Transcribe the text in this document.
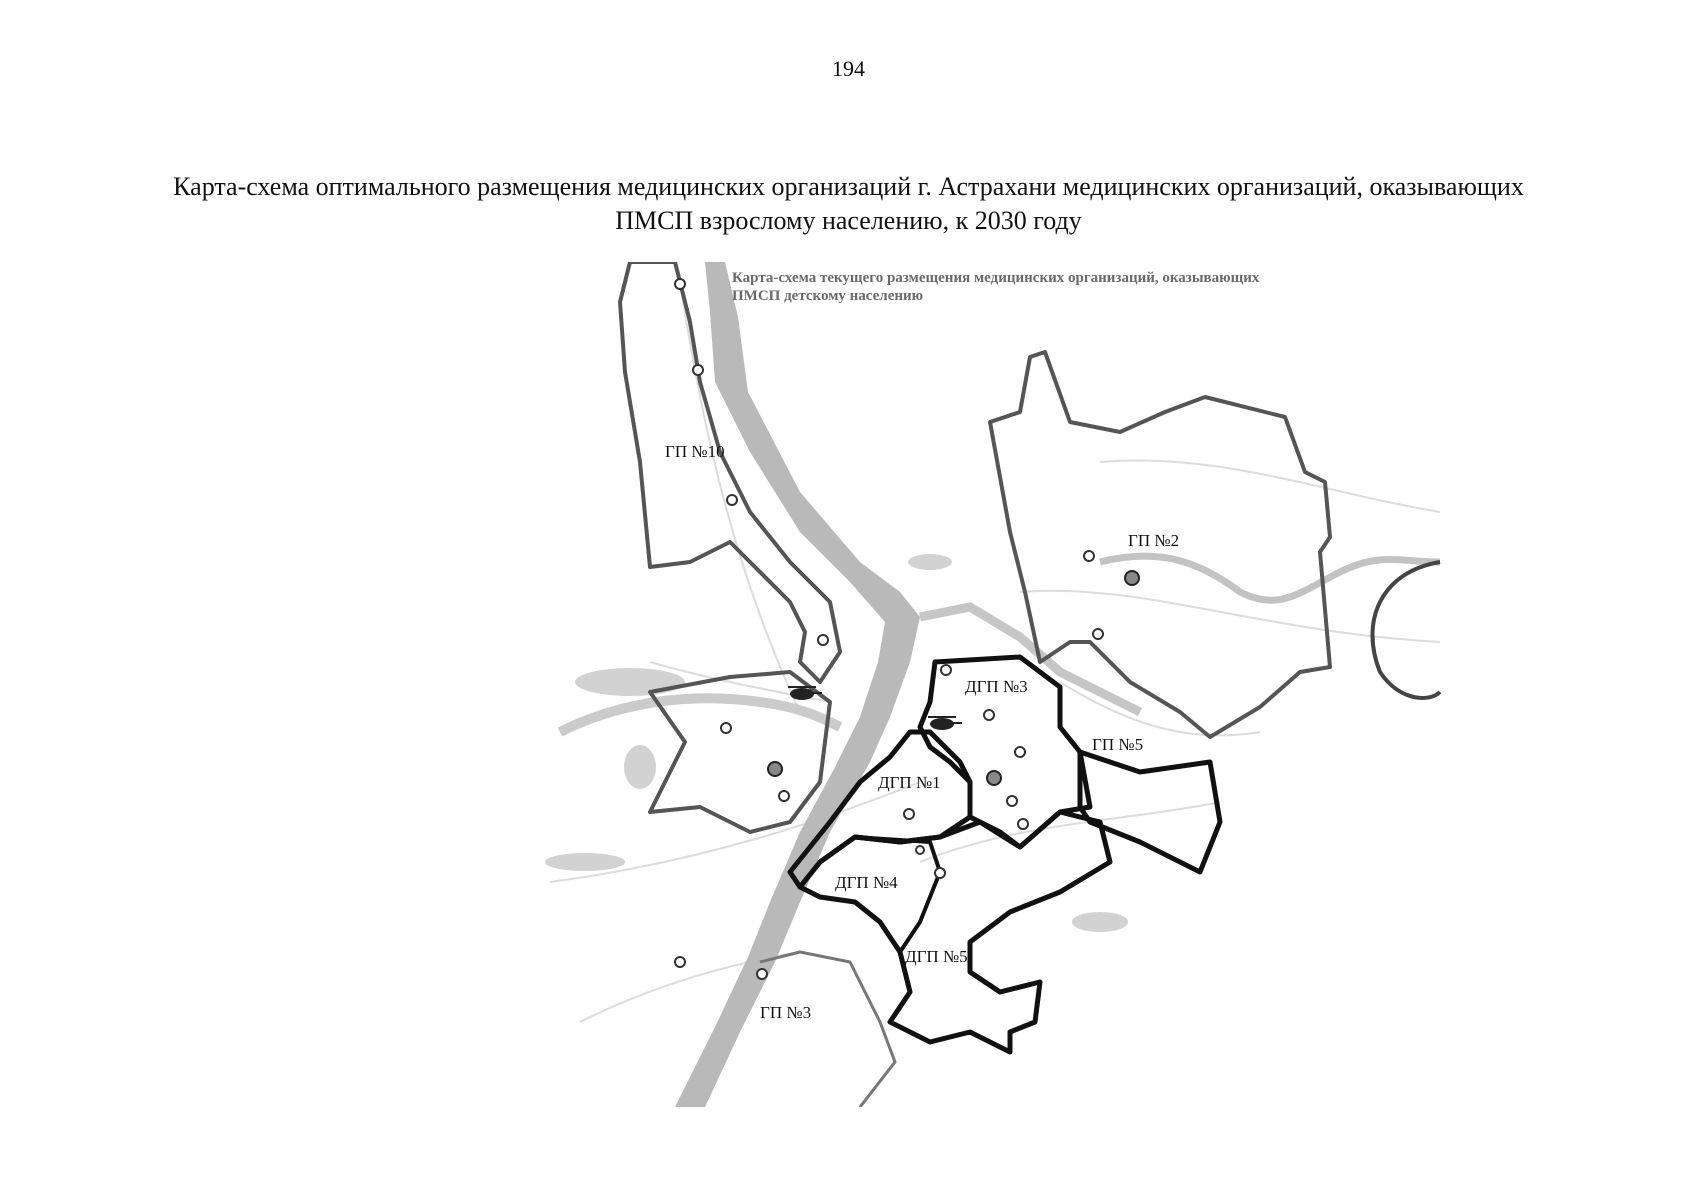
194
Карта-схема оптимального размещения медицинских организаций г. Астрахани медицинских организаций, оказывающих
ПМСП взрослому населению, к 2030 году
Карта-схема текущего размещения медицинских организаций, оказывающих
ПМСП детскому населению
ГП №10
ГП №2
ДГП №3
ГП №5
ДГП №1
ДГП №4
ДГП №5
ГП №3
